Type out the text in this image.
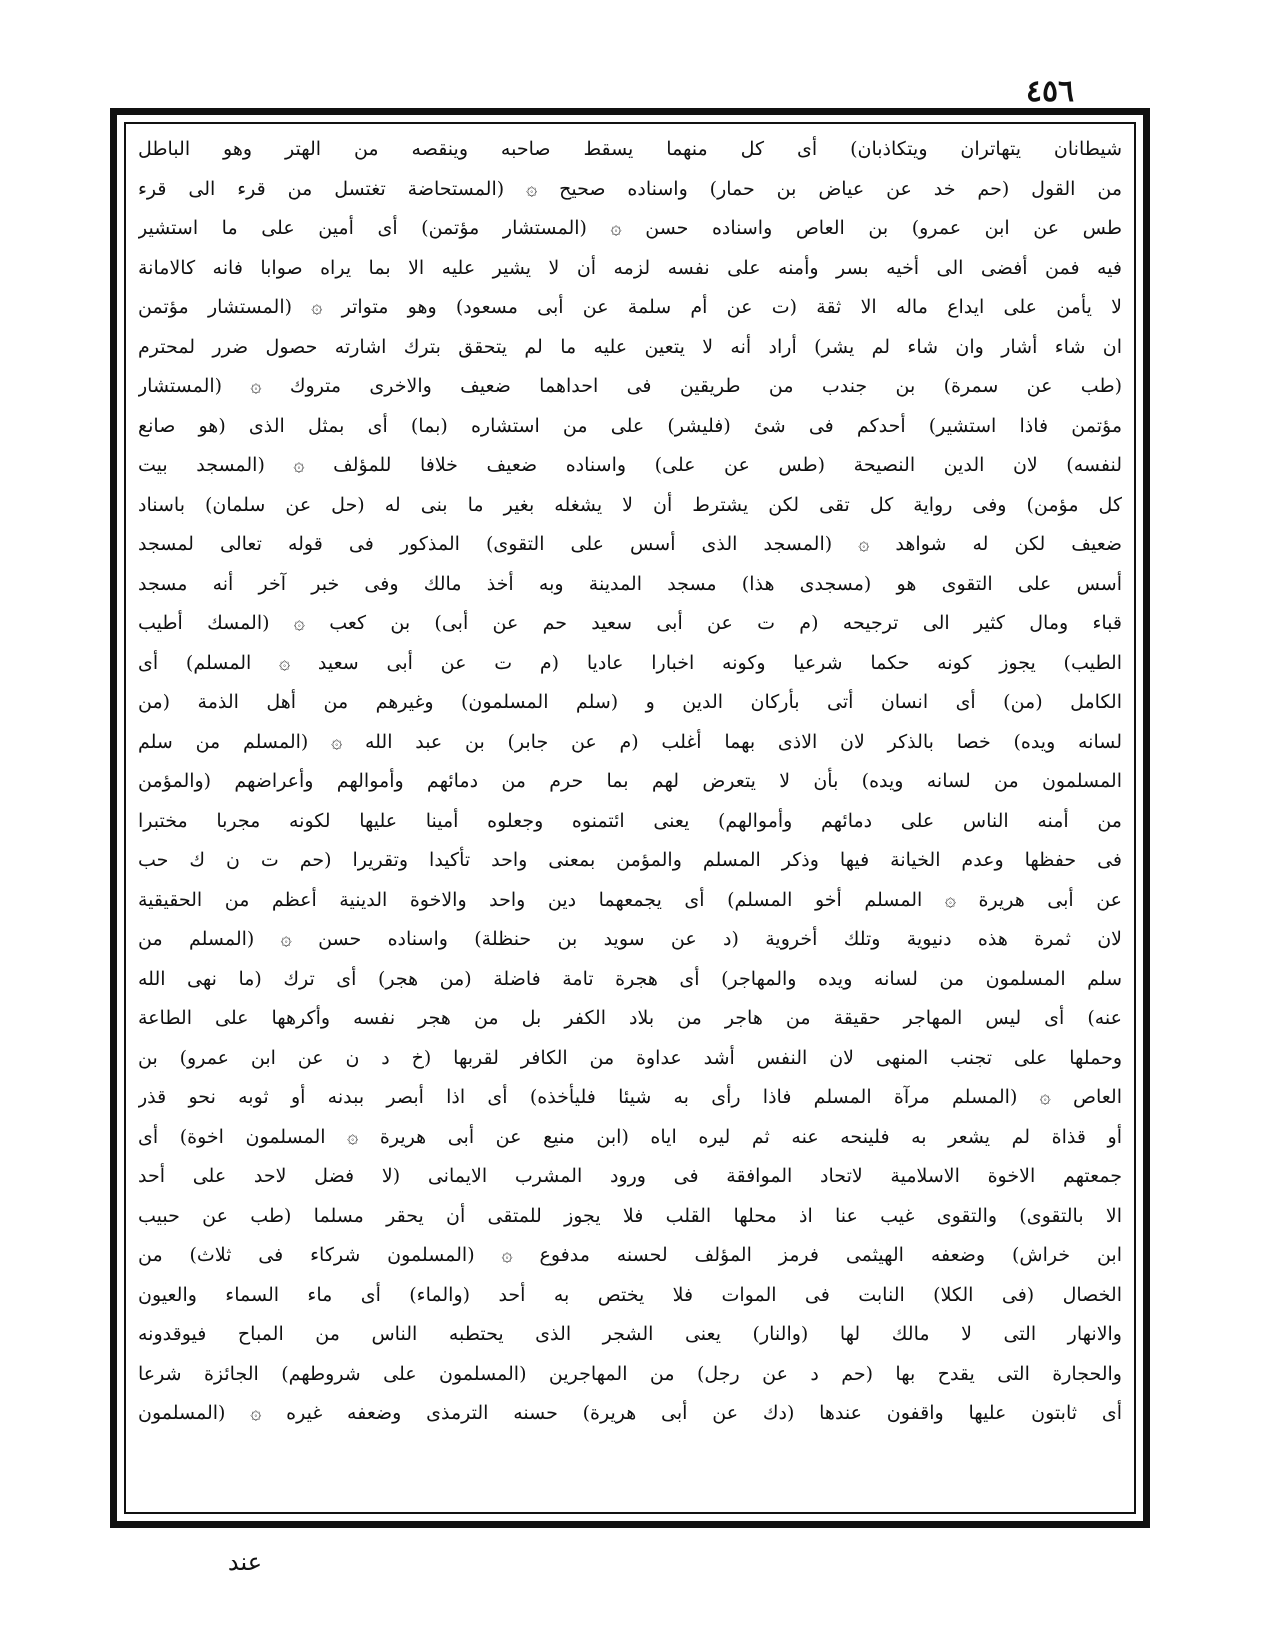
٤٥٦
شيطانان يتهاتران ويتكاذبان) أى كل منهما يسقط صاحبه وينقصه من الهتر وهو الباطل
من القول (حم خد عن عياض بن حمار) واسناده صحيح ۞ (المستحاضة تغتسل من قرء الى قرء
طس عن ابن عمرو) بن العاص واسناده حسن ۞ (المستشار مؤتمن) أى أمين على ما استشير
فيه فمن أفضى الى أخيه بسر وأمنه على نفسه لزمه أن لا يشير عليه الا بما يراه صوابا فانه كالامانة
لا يأمن على ايداع ماله الا ثقة (ت عن أم سلمة عن أبى مسعود) وهو متواتر ۞ (المستشار مؤتمن
ان شاء أشار وان شاء لم يشر) أراد أنه لا يتعين عليه ما لم يتحقق بترك اشارته حصول ضرر لمحترم
(طب عن سمرة) بن جندب من طريقين فى احداهما ضعيف والاخرى متروك ۞ (المستشار
مؤتمن فاذا استشير) أحدكم فى شئ (فليشر) على من استشاره (بما) أى بمثل الذى (هو صانع
لنفسه) لان الدين النصيحة (طس عن على) واسناده ضعيف خلافا للمؤلف ۞ (المسجد بيت
كل مؤمن) وفى رواية كل تقى لكن يشترط أن لا يشغله بغير ما بنى له (حل عن سلمان) باسناد
ضعيف لكن له شواهد ۞ (المسجد الذى أسس على التقوى) المذكور فى قوله تعالى لمسجد
أسس على التقوى هو (مسجدى هذا) مسجد المدينة وبه أخذ مالك وفى خبر آخر أنه مسجد
قباء ومال كثير الى ترجيحه (م ت عن أبى سعيد حم عن أبى) بن كعب ۞ (المسك أطيب
الطيب) يجوز كونه حكما شرعيا وكونه اخبارا عاديا (م ت عن أبى سعيد ۞ المسلم) أى
الكامل (من) أى انسان أتى بأركان الدين و (سلم المسلمون) وغيرهم من أهل الذمة (من
لسانه ويده) خصا بالذكر لان الاذى بهما أغلب (م عن جابر) بن عبد الله ۞ (المسلم من سلم
المسلمون من لسانه ويده) بأن لا يتعرض لهم بما حرم من دمائهم وأموالهم وأعراضهم (والمؤمن
من أمنه الناس على دمائهم وأموالهم) يعنى ائتمنوه وجعلوه أمينا عليها لكونه مجربا مختبرا
فى حفظها وعدم الخيانة فيها وذكر المسلم والمؤمن بمعنى واحد تأكيدا وتقريرا (حم ت ن ك حب
عن أبى هريرة ۞ المسلم أخو المسلم) أى يجمعهما دين واحد والاخوة الدينية أعظم من الحقيقية
لان ثمرة هذه دنيوية وتلك أخروية (د عن سويد بن حنظلة) واسناده حسن ۞ (المسلم من
سلم المسلمون من لسانه ويده والمهاجر) أى هجرة تامة فاضلة (من هجر) أى ترك (ما نهى الله
عنه) أى ليس المهاجر حقيقة من هاجر من بلاد الكفر بل من هجر نفسه وأكرهها على الطاعة
وحملها على تجنب المنهى لان النفس أشد عداوة من الكافر لقربها (خ د ن عن ابن عمرو) بن
العاص ۞ (المسلم مرآة المسلم فاذا رأى به شيئا فليأخذه) أى اذا أبصر ببدنه أو ثوبه نحو قذر
أو قذاة لم يشعر به فلينحه عنه ثم ليره اياه (ابن منيع عن أبى هريرة ۞ المسلمون اخوة) أى
جمعتهم الاخوة الاسلامية لاتحاد الموافقة فى ورود المشرب الايمانى (لا فضل لاحد على أحد
الا بالتقوى) والتقوى غيب عنا اذ محلها القلب فلا يجوز للمتقى أن يحقر مسلما (طب عن حبيب
ابن خراش) وضعفه الهيثمى فرمز المؤلف لحسنه مدفوع ۞ (المسلمون شركاء فى ثلاث) من
الخصال (فى الكلا) النابت فى الموات فلا يختص به أحد (والماء) أى ماء السماء والعيون
والانهار التى لا مالك لها (والنار) يعنى الشجر الذى يحتطبه الناس من المباح فيوقدونه
والحجارة التى يقدح بها (حم د عن رجل) من المهاجرين (المسلمون على شروطهم) الجائزة شرعا
أى ثابتون عليها واقفون عندها (دك عن أبى هريرة) حسنه الترمذى وضعفه غيره ۞ (المسلمون
عند
